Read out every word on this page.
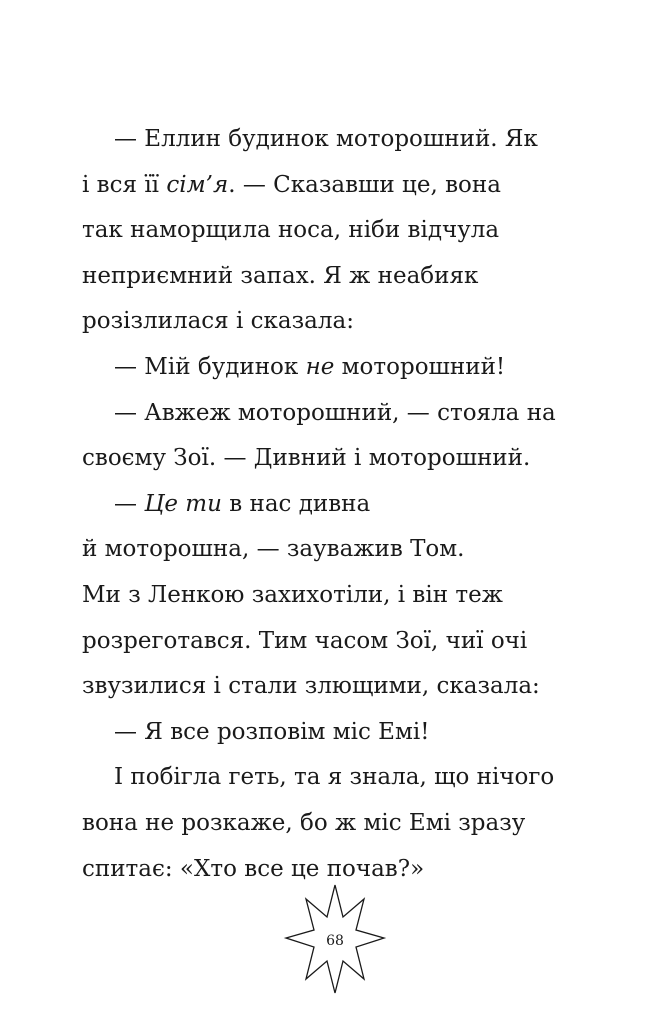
— Еллин будинок моторошний. Як
і вся її сім’я. — Сказавши це, вона
так наморщила носа, ніби відчула
неприємний запах. Я ж неабияк
розізлилася і сказала:
— Мій будинок не моторошний!
— Авжеж моторошний, — стояла на
своєму Зої. — Дивний і моторошний.
— Це ти в нас дивна
й моторошна, — зауважив Том.
Ми з Ленкою захихотіли, і він теж
розреготався. Тим часом Зої, чиї очі
звузилися і стали злющими, сказала:
— Я все розповім міс Емі!
І побігла геть, та я знала, що нічого
вона не розкаже, бо ж міс Емі зразу
спитає: «Хто все це почав?»
68
